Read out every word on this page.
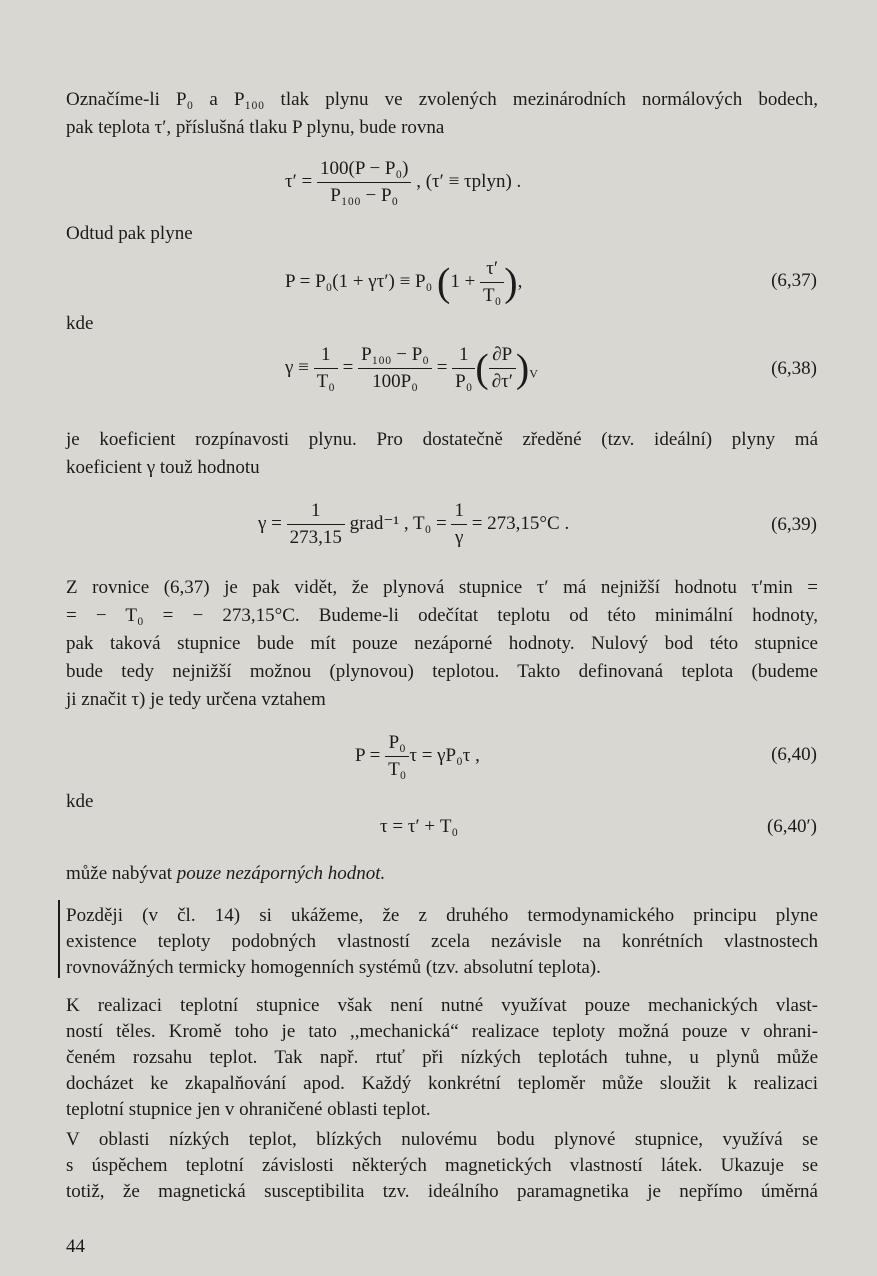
Označíme-li P₀ a P₁₀₀ tlak plynu ve zvolených mezinárodních normálových bodech,
pak teplota τ′, příslušná tlaku P plynu, bude rovna
$\tau' = \frac{\text{100(P − P₀)}}{\text{P₁₀₀ − P₀}}$ , (τ′ ≡ τplyn) .
Odtud pak plyne
P = P₀(1 + γτ′) ≡ P₀ ($1 + \frac{\tau'}{\text{T₀}}$ ),	(6,37)
kde
$\gamma \equiv \frac{1}{\text{T₀}} = \frac{\text{P₁₀₀ − P₀}}{\text{100P₀}} = \frac{1}{\text{P₀}}$ ( $\frac{\partial P}{\partial\tau'} )_V$	(6,38)
je koeficient rozpínavosti plynu. Pro dostatečně zředěné (tzv. ideální) plyny má
koeficient γ touž hodnotu
$\gamma = \frac{1}{273,15}$ grad⁻¹ , $T_0 = \frac{1}{\gamma} = 273,15^\circ C$ .	(6,39)
Z rovnice (6,37) je pak vidět, že plynová stupnice τ′ má nejnižší hodnotu τ′min =
= − T₀ = − 273,15°C. Budeme-li odečítat teplotu od této minimální hodnoty,
pak taková stupnice bude mít pouze nezáporné hodnoty. Nulový bod této stupnice
bude tedy nejnižší možnou (plynovou) teplotou. Takto definovaná teplota (budeme
ji značit τ) je tedy určena vztahem
$P = \frac{\text{P₀}}{\text{T₀}}$ τ = γP₀τ ,	(6,40)
kde
τ = τ′ + T₀	(6,40′)
může nabývat pouze nezáporných hodnot.
Později (v čl. 14) si ukážeme, že z druhého termodynamického principu plyne
existence teploty podobných vlastností zcela nezávisle na konrétních vlastnostech
rovnovážných termicky homogenních systémů (tzv. absolutní teplota).
K realizaci teplotní stupnice však není nutné využívat pouze mechanických vlast-
ností těles. Kromě toho je tato ,,mechanická“ realizace teploty možná pouze v ohrani-
čeném rozsahu teplot. Tak např. rtuť při nízkých teplotách tuhne, u plynů může
docházet ke zkapalňování apod. Každý konkrétní teploměr může sloužit k realizaci
teplotní stupnice jen v ohraničené oblasti teplot.
V oblasti nízkých teplot, blízkých nulovému bodu plynové stupnice, využívá se
s úspěchem teplotní závislosti některých magnetických vlastností látek. Ukazuje se
totiž, že magnetická susceptibilita tzv. ideálního paramagnetika je nepřímo úměrná
44
